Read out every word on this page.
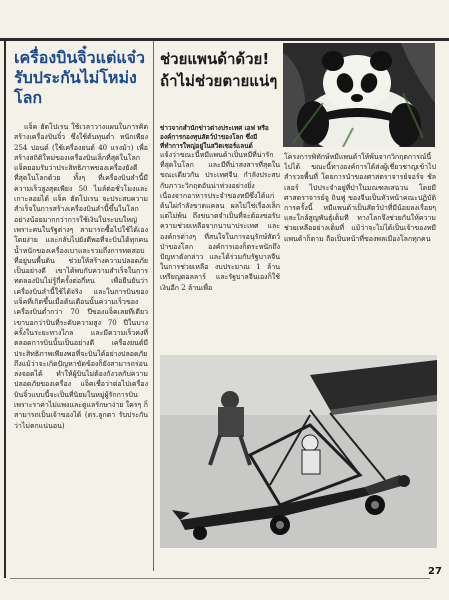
เครื่องบินจิ๋วแต่แจ๋ว รับประกันไม่โหม่งโลก
แจ็ค ฮัดโปเรน ใช้เวลาวางแผนในการคิดสร้างเครื่องบินจิ๋ว ซึ่งใช้ต้นทุนต่ำ หนักเพียง 254 ปอนด์ (ใช้เครื่องยนต์ 40 แรงม้า) เพื่อสร้างสถิติใหม่ของเครื่องบินเล็กที่สุดในโลก แจ็คยอมรับว่าประสิทธิภาพของเครื่องยังดีที่สุดในโลกด้วย ทั้งๆ ที่เครื่องบินลำนี้มีความเร็วสูงสุดเพียง 50 ไมล์ต่อชั่วโมงและเกาะลอยได้ แจ็ค ฮัดโปเรน จะประสบความสำเร็จในการสร้างเครื่องบินลำนี้ขึ้นในโลกอย่างน้อยมากกว่าการใช้เงินในระบบใหญ่ เพราะคนในรัฐต่างๆ สามารถซื้อไปใช้ได้เองโดยง่าย และกลับไปยังดีพอที่จะบินได้ทุกคน น้ำหนักของเครื่องเบาและรวมถึงการทดสอบที่อยู่บนพื้นดิน ช่วยให้สร้างความปลอดภัยเป็นอย่างดี เขาได้พบกับความสำเร็จในการทดลองบินไม่รู้กี่ครั้งต่อกี่หน เพื่อยืนยันว่าเครื่องบินลำนี้ใช้ได้จริง และในการบินของแจ็คที่เกิดขึ้นเมื่อต้นเดือนนั้นความเร็วของเครื่องบินต่ำกว่า 70 ปีของแจ็คเลยทีเดียว เขาบอกว่าบินที่ระดับความสูง 70 ปีในบางครั้งในระยะทางไกล และมีความเร็วคงที่ตลอดการบินนั้นเป็นอย่างดี เครื่องยนต์มีประสิทธิภาพเพียงพอที่จะบินได้อย่างปลอดภัย ถึงแม้ว่าจะเกิดปัญหาขัดข้องก็ยังสามารถร่อนลงจอดได้ ทำให้ผู้บินไม่ต้องกังวลกับความปลอดภัยของเครื่อง แจ็คเชื่อว่าต่อไปเครื่องบินจิ๋วแบบนี้จะเป็นที่นิยมในหมู่ผู้รักการบิน เพราะราคาไม่แพงและดูแลรักษาง่าย ใครๆ ก็สามารถเป็นเจ้าของได้ (ตร.ลูกตา รับประกันว่าไม่ตกแน่นอน)
ช่วยแพนด้าด้วย! ถ้าไม่ช่วยตายแน่ๆ
ข่าวจากสำนักข่าวต่างประเทศ เอฟ หรือองค์การกองทุนสัตว์ป่าของโลก ซึ่งมีที่ทำการใหญ่อยู่ในสวิตเซอร์แลนด์
แจ้งว่าขณะนี้หมีแพนด้าเป็นหมีที่น่ารักที่สุดในโลก และมีที่น่าสงสารที่สุดในขณะเดียวกัน ประเทศจีน กำลังประสบกับภาวะวิกฤตอันน่าห่วงอย่างยิ่ง เนื่องจากอาหารประจำของหมีซึ่งได้แก่ต้นไผ่กำลังขาดแคลน ผลไม่ใช่เรื่องเล็กแต่ไม่พ้น ถึงขนาดจำเป็นที่จะต้องขอรับความช่วยเหลือจากนานาประเทศ และองค์กรต่างๆ ที่สนใจในการอนุรักษ์สัตว์ป่าของโลก องค์การเองก็ตระหนักถึงปัญหาดังกล่าว และได้ร่วมกับรัฐบาลจีนในการช่วยเหลือ งบประมาณ 1 ล้านเหรียญดอลลาร์ และรัฐบาลจีนเองก็ใช้เงินอีก 2 ล้านเพื่อ
โครงการพิทักษ์หมีแพนด้าให้พ้นจากวิกฤตการณ์นี้ไปได้ ขณะนี้ทางองค์การได้ส่งผู้เชี่ยวชาญเข้าไปสำรวจพื้นที่ โดยการนำของศาสตราจารย์จอร์จ ชัลเลอร์ ไปประจำอยู่ที่ป่าในมณฑลเสฉวน โดยมีศาสตราจารย์จู ถินฟู ของจีนเป็นหัวหน้าคณะปฏิบัติการครั้งนี้ หมีแพนด้าเป็นสัตว์ป่าที่มีน้อยลงเรื่อยๆ และใกล้สูญพันธุ์เต็มที ทางโลกจึงช่วยกันให้ความช่วยเหลืออย่างเต็มที่ แม้ว่าจะไม่ได้เป็นเจ้าของหมีแพนด้าก็ตาม ถือเป็นหน้าที่ของพลเมืองโลกทุกคน
27
